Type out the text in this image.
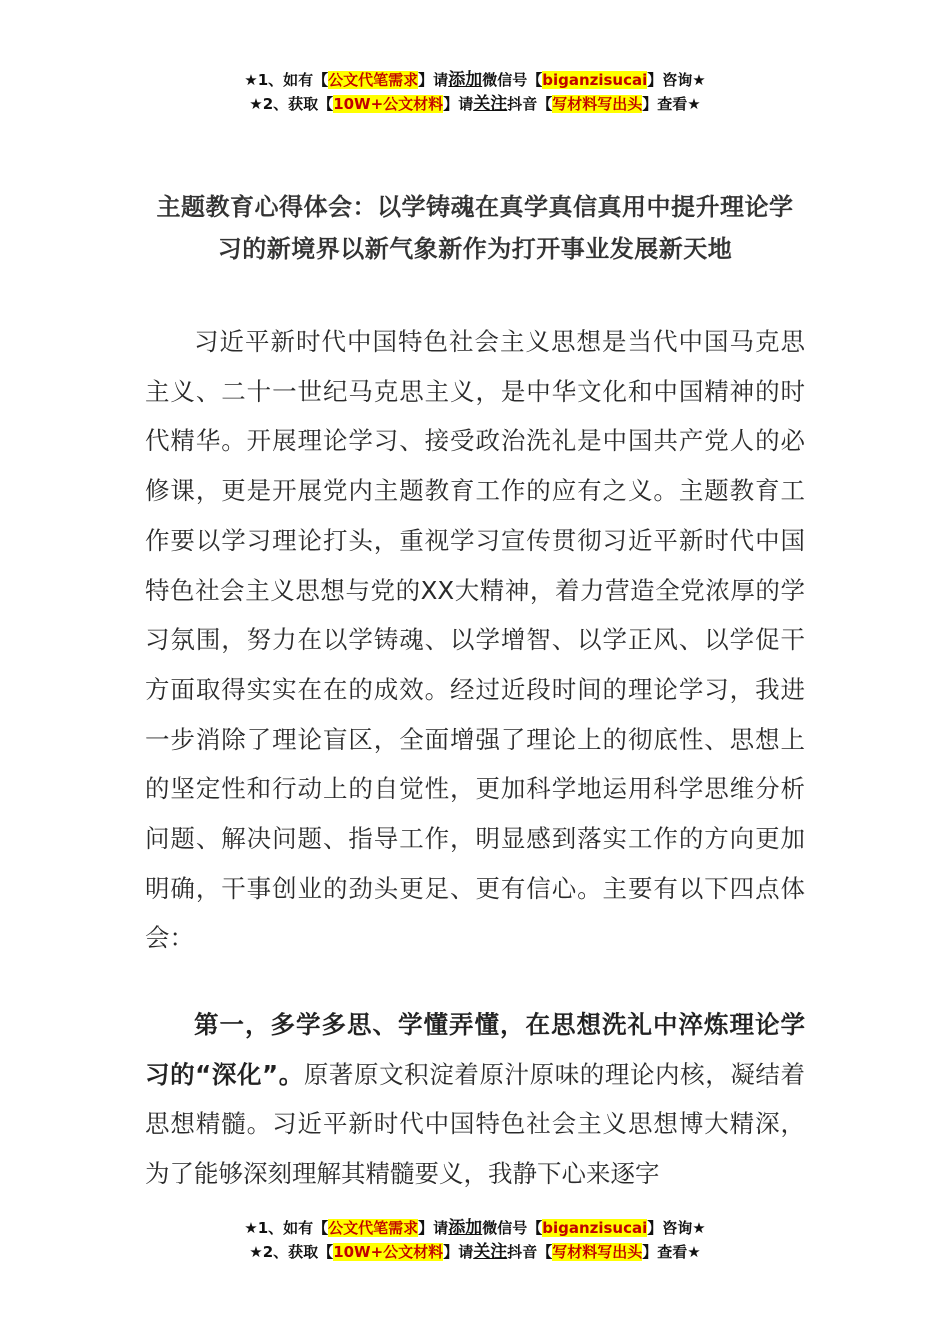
★1、如有【公文代笔需求】请添加微信号【biganzisucai】咨询★
★2、获取【10W+公文材料】请关注抖音【写材料写出头】查看★
主题教育心得体会：以学铸魂在真学真信真用中提升理论学习的新境界以新气象新作为打开事业发展新天地

习近平新时代中国特色社会主义思想是当代中国马克思主义、二十一世纪马克思主义，是中华文化和中国精神的时代精华。开展理论学习、接受政治洗礼是中国共产党人的必修课，更是开展党内主题教育工作的应有之义。主题教育工作要以学习理论打头，重视学习宣传贯彻习近平新时代中国特色社会主义思想与党的XX大精神，着力营造全党浓厚的学习氛围，努力在以学铸魂、以学增智、以学正风、以学促干方面取得实实在在的成效。经过近段时间的理论学习，我进一步消除了理论盲区，全面增强了理论上的彻底性、思想上的坚定性和行动上的自觉性，更加科学地运用科学思维分析问题、解决问题、指导工作，明显感到落实工作的方向更加明确，干事创业的劲头更足、更有信心。主要有以下四点体会：

第一，多学多思、学懂弄懂，在思想洗礼中淬炼理论学习的“深化”。原著原文积淀着原汁原味的理论内核，凝结着思想精髓。习近平新时代中国特色社会主义思想博大精深，为了能够深刻理解其精髓要义，我静下心来逐字

★1、如有【公文代笔需求】请添加微信号【biganzisucai】咨询★
★2、获取【10W+公文材料】请关注抖音【写材料写出头】查看★
